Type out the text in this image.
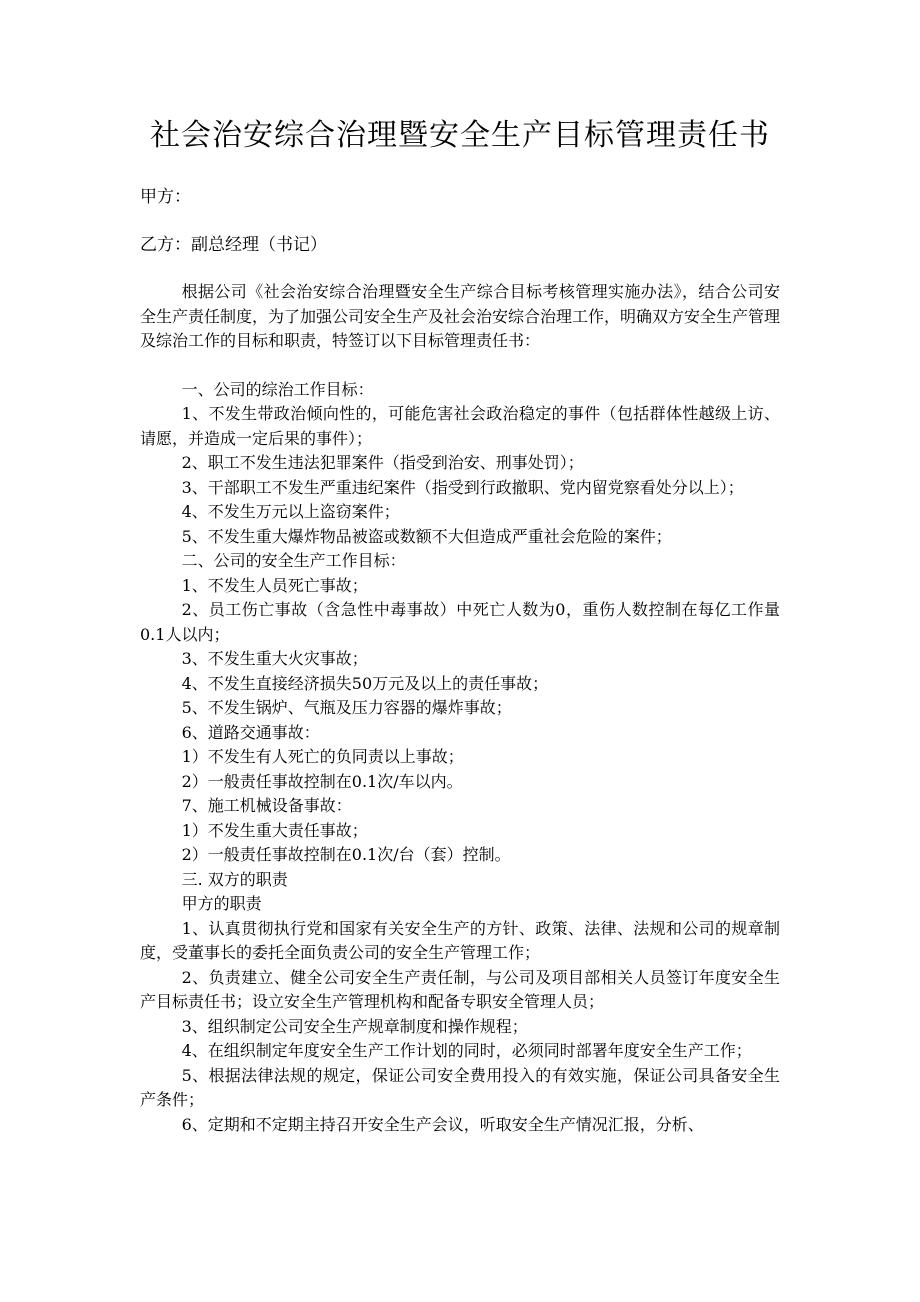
社会治安综合治理暨安全生产目标管理责任书
甲方：
乙方：副总经理（书记）

根据公司《社会治安综合治理暨安全生产综合目标考核管理实施办法》，结合公司安全生产责任制度，为了加强公司安全生产及社会治安综合治理工作，明确双方安全生产管理及综治工作的目标和职责，特签订以下目标管理责任书：

一、公司的综治工作目标：

1、不发生带政治倾向性的，可能危害社会政治稳定的事件（包括群体性越级上访、请愿，并造成一定后果的事件）；

2、职工不发生违法犯罪案件（指受到治安、刑事处罚）；

3、干部职工不发生严重违纪案件（指受到行政撤职、党内留党察看处分以上）；

4、不发生万元以上盗窃案件；

5、不发生重大爆炸物品被盗或数额不大但造成严重社会危险的案件；

二、公司的安全生产工作目标：

1、不发生人员死亡事故；

2、员工伤亡事故（含急性中毒事故）中死亡人数为0，重伤人数控制在每亿工作量0.1人以内；

3、不发生重大火灾事故；

4、不发生直接经济损失50万元及以上的责任事故；

5、不发生锅炉、气瓶及压力容器的爆炸事故；

6、道路交通事故：

1）不发生有人死亡的负同责以上事故；

2）一般责任事故控制在0.1次/车以内。

7、施工机械设备事故：

1）不发生重大责任事故；

2）一般责任事故控制在0.1次/台（套）控制。

三. 双方的职责

甲方的职责

1、认真贯彻执行党和国家有关安全生产的方针、政策、法律、法规和公司的规章制度，受董事长的委托全面负责公司的安全生产管理工作；

2、负责建立、健全公司安全生产责任制，与公司及项目部相关人员签订年度安全生产目标责任书；设立安全生产管理机构和配备专职安全管理人员；

3、组织制定公司安全生产规章制度和操作规程；

4、在组织制定年度安全生产工作计划的同时，必须同时部署年度安全生产工作；

5、根据法律法规的规定，保证公司安全费用投入的有效实施，保证公司具备安全生产条件；

6、定期和不定期主持召开安全生产会议，听取安全生产情况汇报，分析、
